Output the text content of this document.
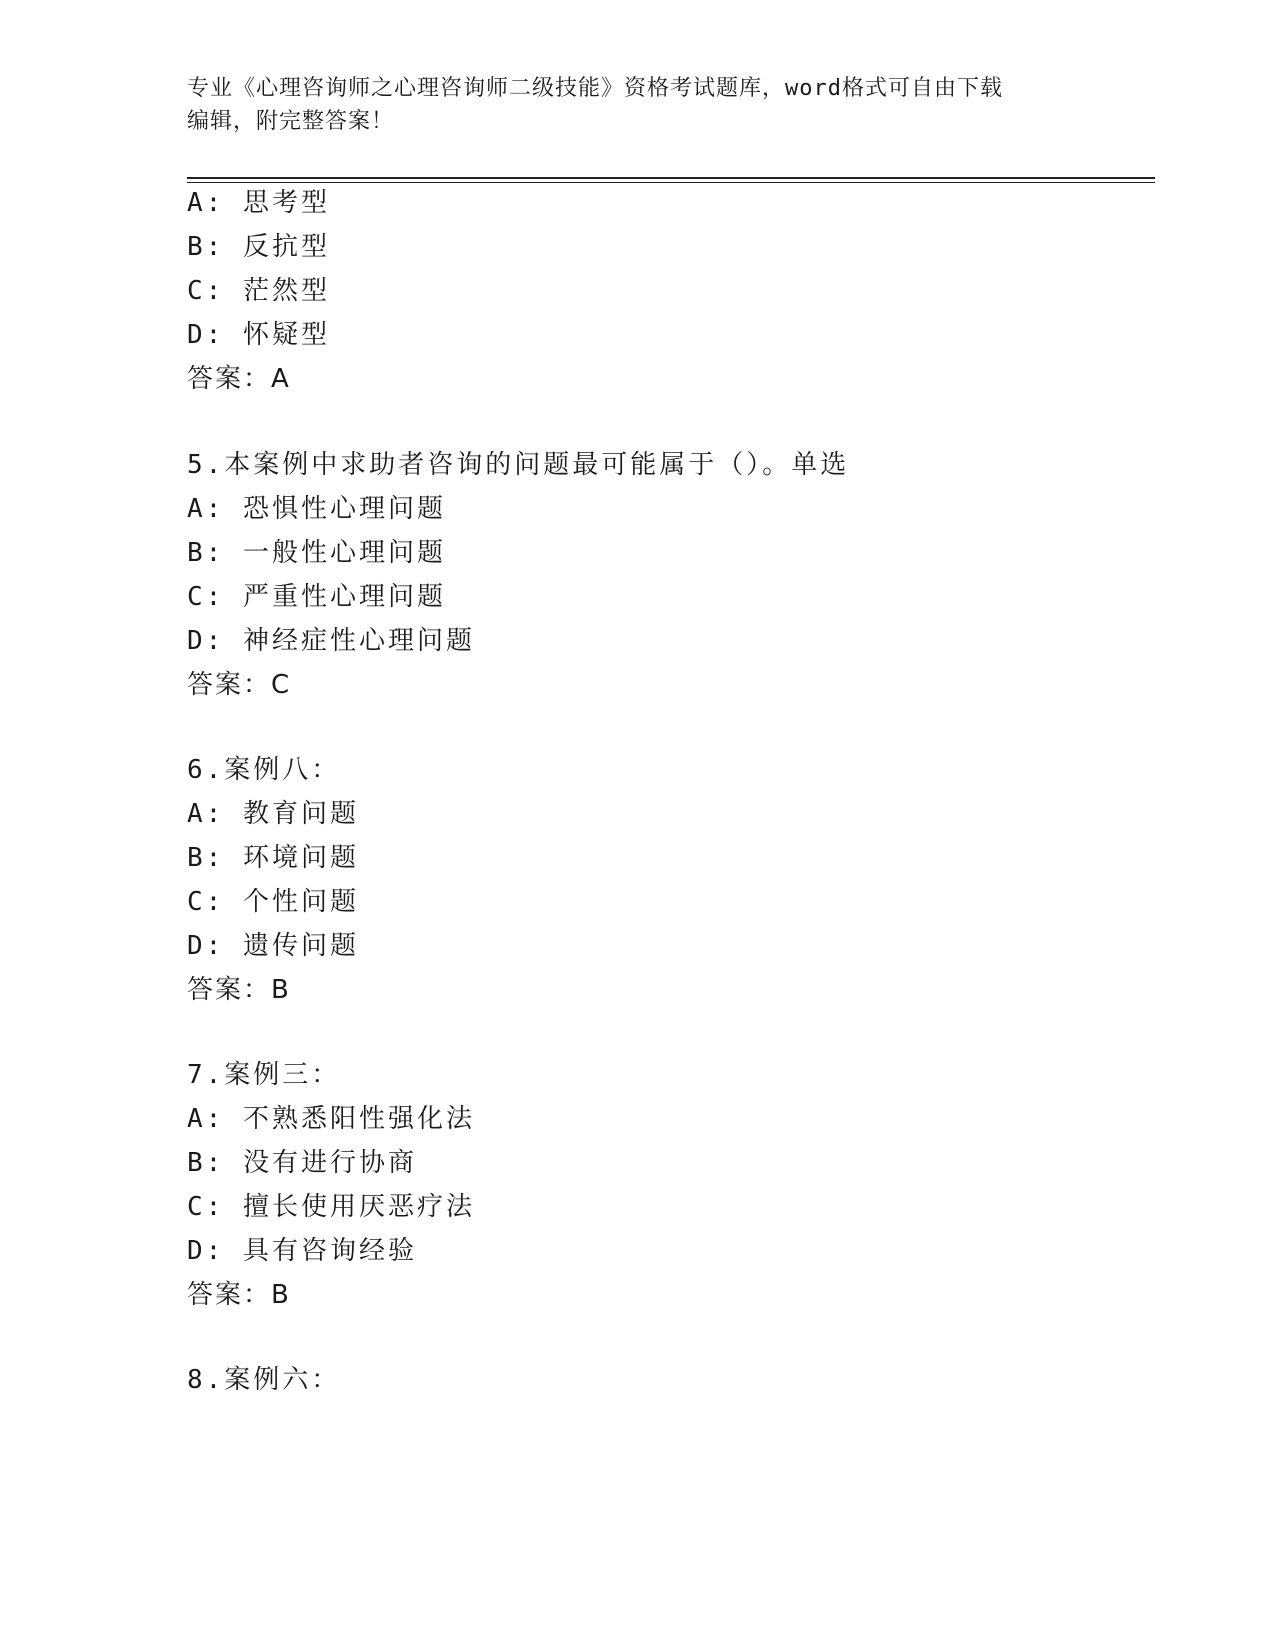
专业《心理咨询师之心理咨询师二级技能》资格考试题库，word格式可自由下载
编辑，附完整答案！
A: 思考型
B: 反抗型
C: 茫然型
D: 怀疑型
答案：A
5.本案例中求助者咨询的问题最可能属于（）。单选
A: 恐惧性心理问题
B: 一般性心理问题
C: 严重性心理问题
D: 神经症性心理问题
答案：C
6.案例八：
A: 教育问题
B: 环境问题
C: 个性问题
D: 遗传问题
答案：B
7.案例三：
A: 不熟悉阳性强化法
B: 没有进行协商
C: 擅长使用厌恶疗法
D: 具有咨询经验
答案：B
8.案例六：
